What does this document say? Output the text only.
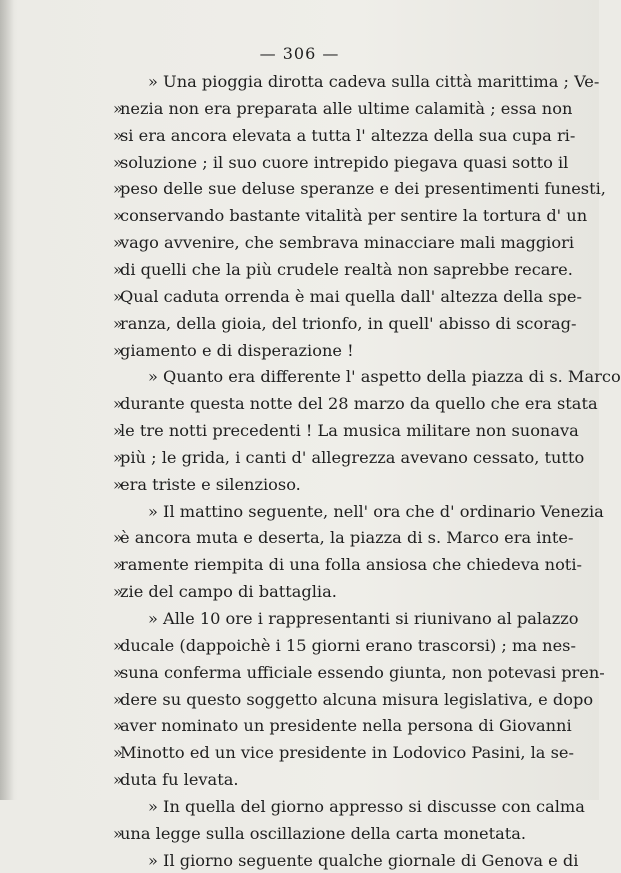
— 306 —
» Una pioggia dirotta cadeva sulla città marittima ; Ve-
»
nezia non era preparata alle ultime calamità ; essa non
»
si era ancora elevata a tutta l' altezza della sua cupa ri-
»
soluzione ; il suo cuore intrepido piegava quasi sotto il
»
peso delle sue deluse speranze e dei presentimenti funesti,
»
conservando bastante vitalità per sentire la tortura d' un
»
vago avvenire, che sembrava minacciare mali maggiori
»
di quelli che la più crudele realtà non saprebbe recare.
»
Qual caduta orrenda è mai quella dall' altezza della spe-
»
ranza, della gioia, del trionfo, in quell' abisso di scorag-
»
giamento e di disperazione !
» Quanto era differente l' aspetto della piazza di s. Marco
»
durante questa notte del 28 marzo da quello che era stata
»
le tre notti precedenti ! La musica militare non suonava
»
più ; le grida, i canti d' allegrezza avevano cessato, tutto
»
era triste e silenzioso.
» Il mattino seguente, nell' ora che d' ordinario Venezia
»
è ancora muta e deserta, la piazza di s. Marco era inte-
»
ramente riempita di una folla ansiosa che chiedeva noti-
»
zie del campo di battaglia.
» Alle 10 ore i rappresentanti si riunivano al palazzo
»
ducale (dappoichè i 15 giorni erano trascorsi) ; ma nes-
»
suna conferma ufficiale essendo giunta, non potevasi pren-
»
dere su questo soggetto alcuna misura legislativa, e dopo
»
aver nominato un presidente nella persona di Giovanni
»
Minotto ed un vice presidente in Lodovico Pasini, la se-
»
duta fu levata.
» In quella del giorno appresso si discusse con calma
»
una legge sulla oscillazione della carta monetata.
» Il giorno seguente qualche giornale di Genova e di
